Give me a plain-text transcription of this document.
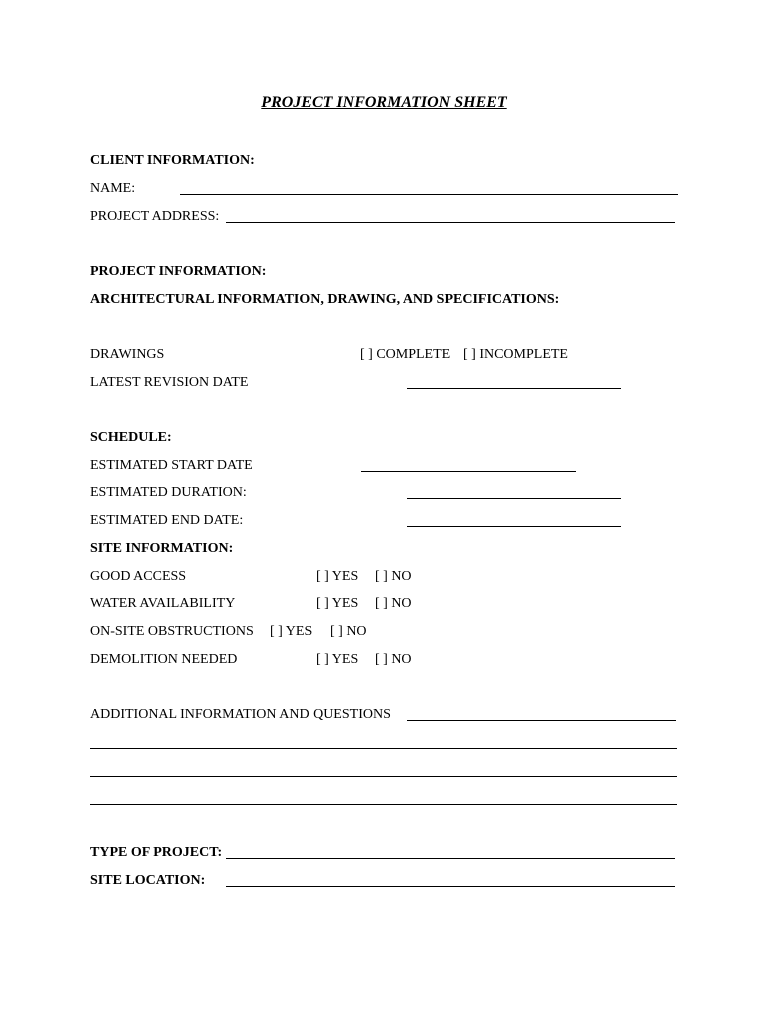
PROJECT INFORMATION SHEET
CLIENT INFORMATION:
NAME:
PROJECT ADDRESS:
PROJECT INFORMATION:
ARCHITECTURAL INFORMATION, DRAWING, AND SPECIFICATIONS:
DRAWINGS	[ ] COMPLETE [ ] INCOMPLETE
LATEST REVISION DATE
SCHEDULE:
ESTIMATED START DATE
ESTIMATED DURATION:
ESTIMATED END DATE:
SITE INFORMATION:
GOOD ACCESS	[ ] YES [ ] NO
WATER AVAILABILITY	[ ] YES [ ] NO
ON-SITE OBSTRUCTIONS [ ] YES [ ] NO
DEMOLITION NEEDED	[ ] YES [ ] NO
ADDITIONAL INFORMATION AND QUESTIONS
TYPE OF PROJECT:
SITE LOCATION:
